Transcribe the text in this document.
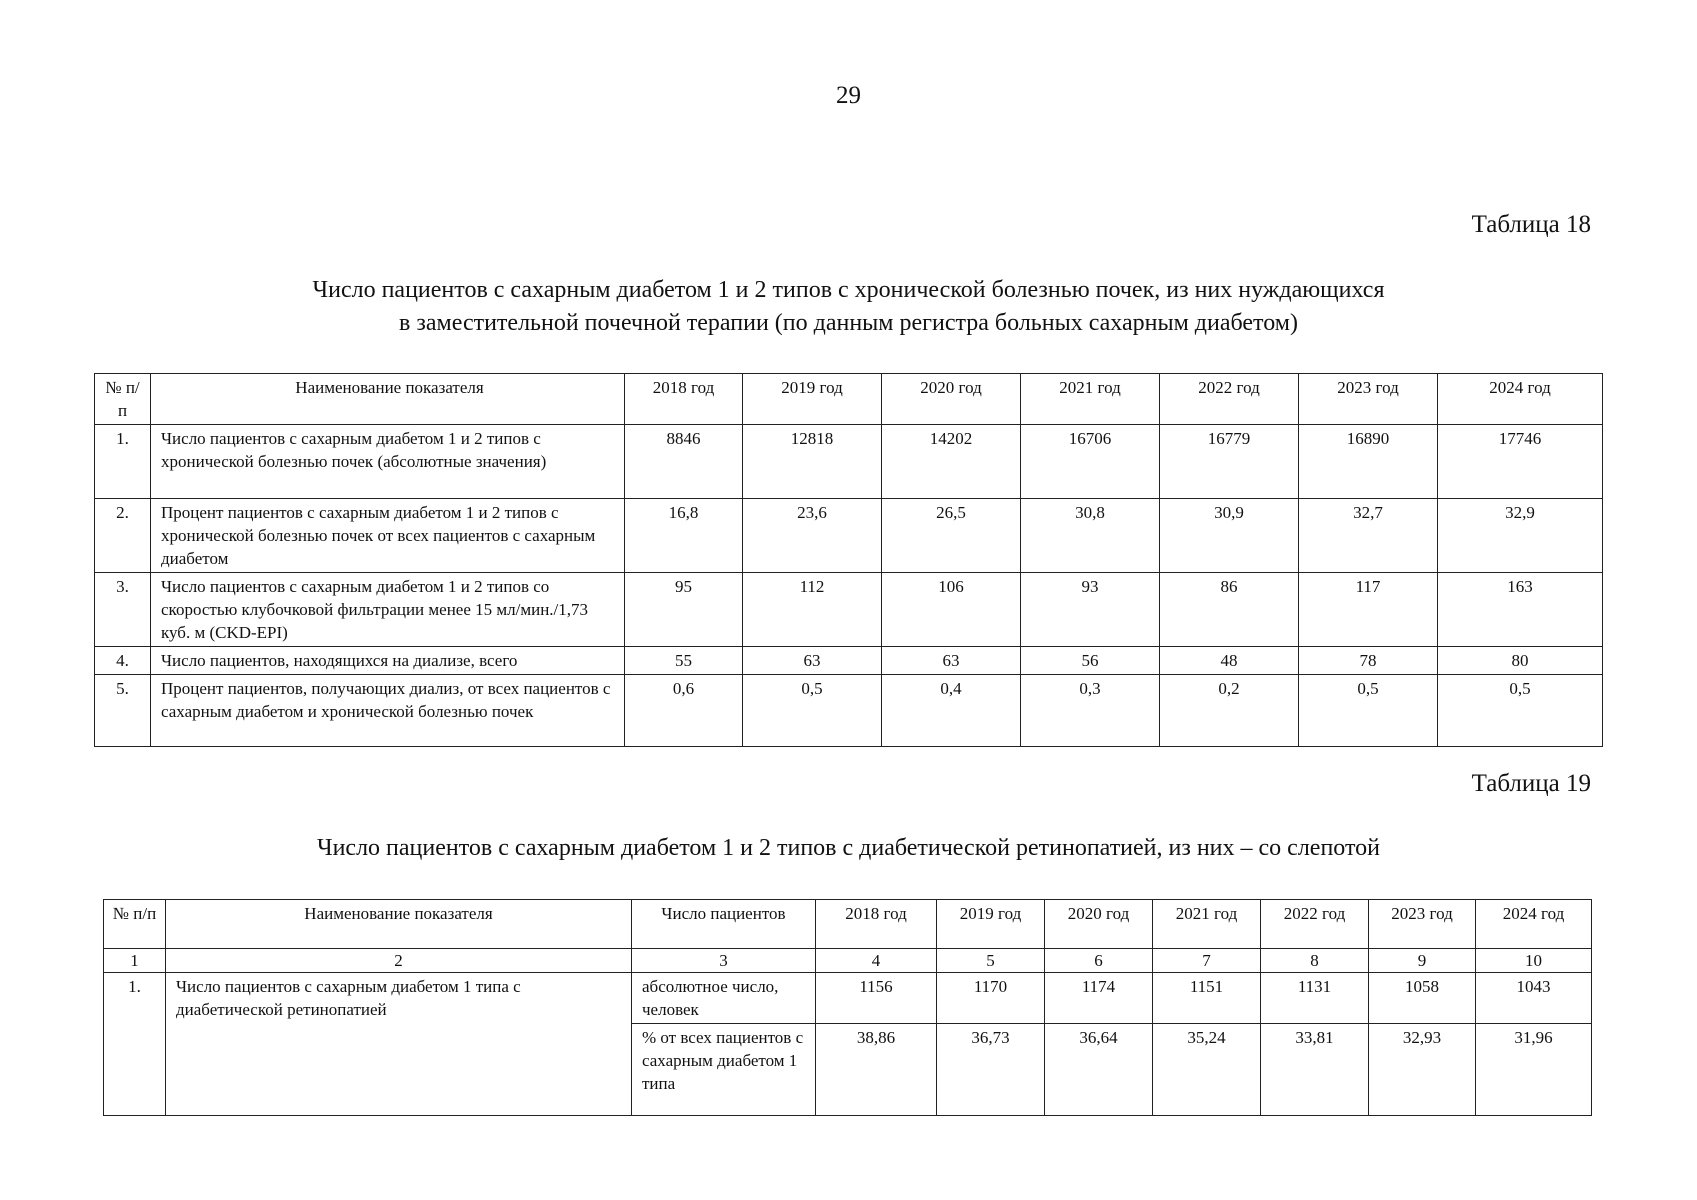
29
Таблица 18
Число пациентов с сахарным диабетом 1 и 2 типов с хронической болезнью почек, из них нуждающихся
в заместительной почечной терапии (по данным регистра больных сахарным диабетом)
№ п/п	Наименование показателя	2018 год	2019 год	2020 год	2021 год	2022 год	2023 год	2024 год
1.	Число пациентов с сахарным диабетом 1 и 2 типов с хронической болезнью почек (абсолютные значения)	8846	12818	14202	16706	16779	16890	17746
2.	Процент пациентов с сахарным диабетом 1 и 2 типов с хронической болезнью почек от всех пациентов с сахарным диабетом	16,8	23,6	26,5	30,8	30,9	32,7	32,9
3.	Число пациентов с сахарным диабетом 1 и 2 типов со скоростью клубочковой фильтрации менее 15 мл/мин./1,73 куб. м (CKD-EPI)	95	112	106	93	86	117	163
4.	Число пациентов, находящихся на диализе, всего	55	63	63	56	48	78	80
5.	Процент пациентов, получающих диализ, от всех пациентов с сахарным диабетом и хронической болезнью почек	0,6	0,5	0,4	0,3	0,2	0,5	0,5
Таблица 19
Число пациентов с сахарным диабетом 1 и 2 типов с диабетической ретинопатией, из них – со слепотой
№ п/п	Наименование показателя	Число пациентов	2018 год	2019 год	2020 год	2021 год	2022 год	2023 год	2024 год
1	2	3	4	5	6	7	8	9	10
1.	Число пациентов с сахарным диабетом 1 типа с диабетической ретинопатией	абсолютное число, человек	1156	1170	1174	1151	1131	1058	1043
		% от всех пациентов с сахарным диабетом 1 типа	38,86	36,73	36,64	35,24	33,81	32,93	31,96
